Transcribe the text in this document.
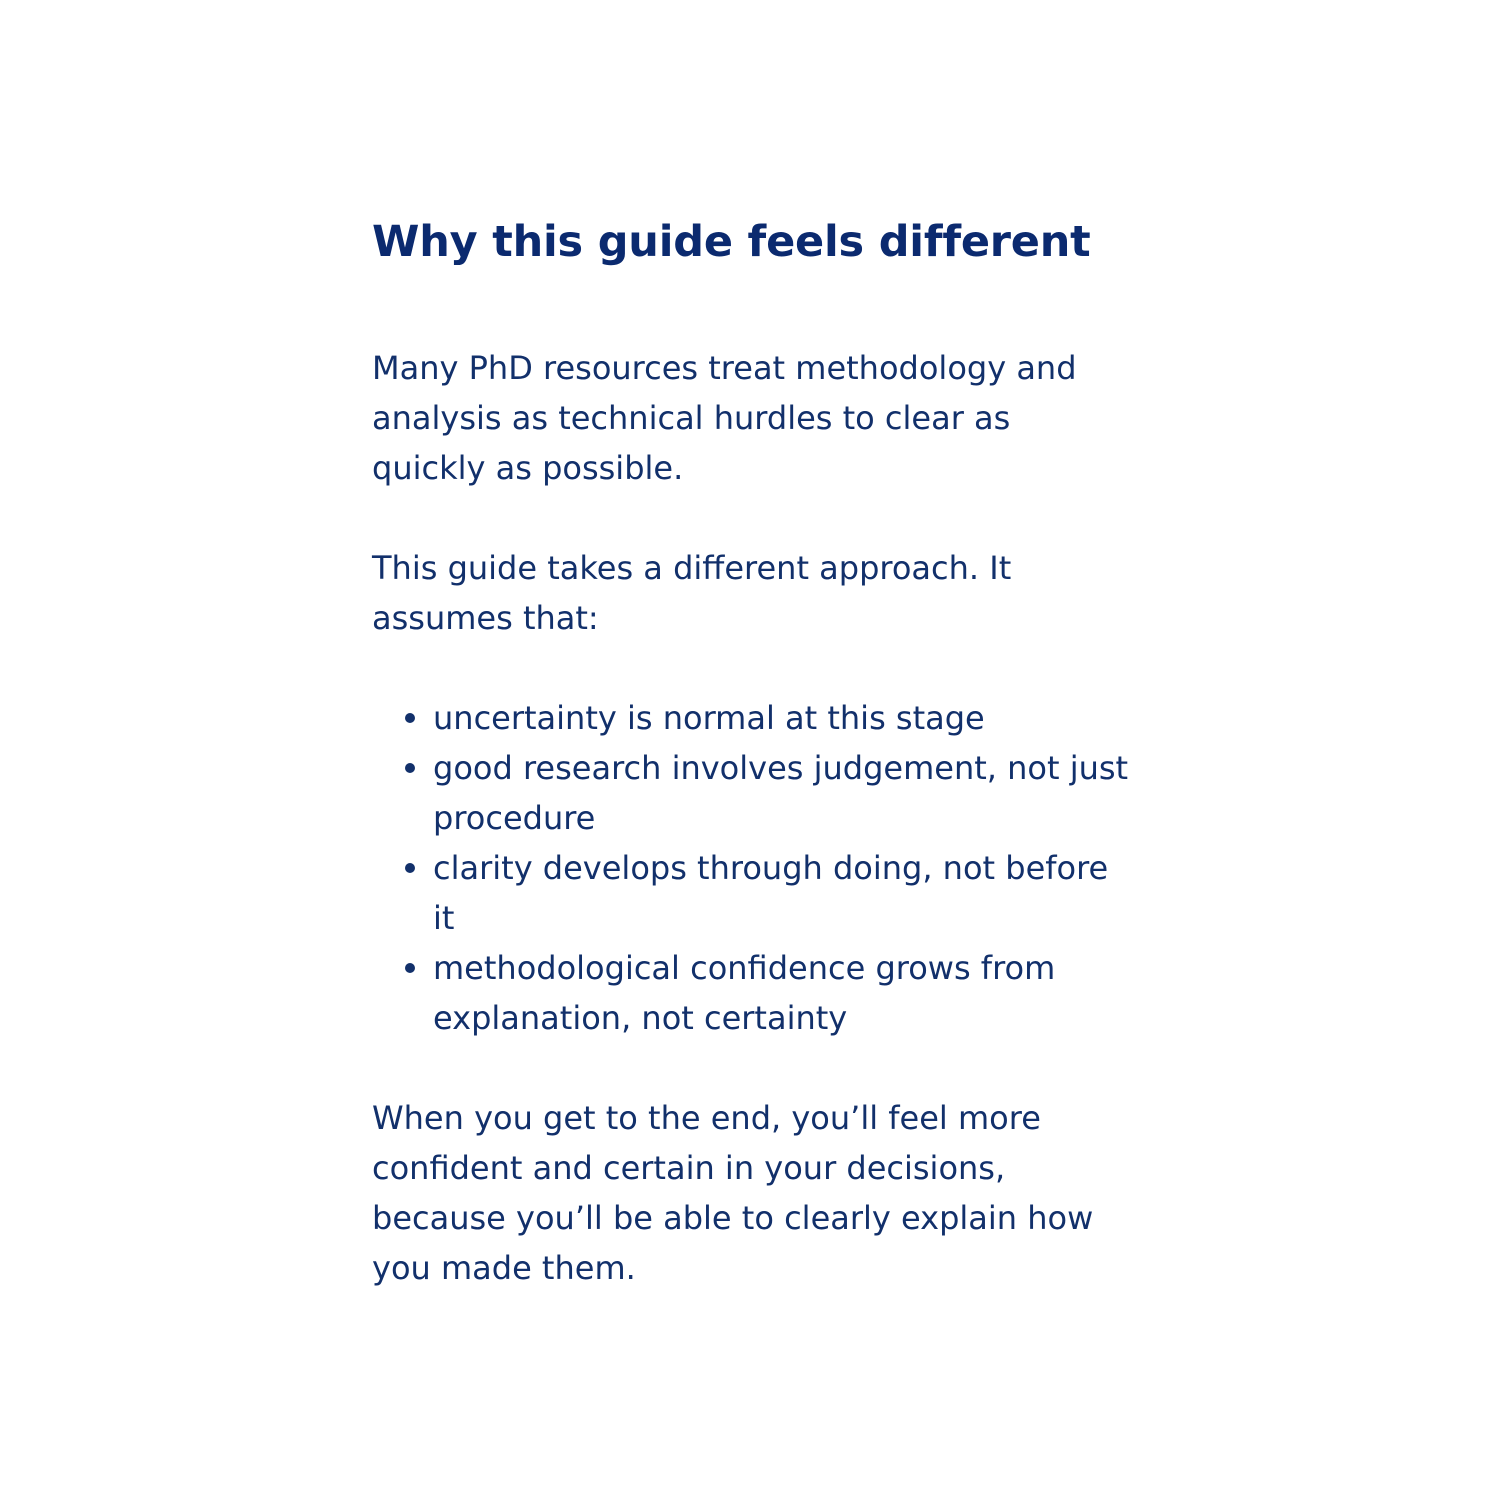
Why this guide feels different

Many PhD resources treat methodology and analysis as technical hurdles to clear as quickly as possible.

This guide takes a different approach. It assumes that:

uncertainty is normal at this stage
good research involves judgement, not just procedure
clarity develops through doing, not before it
methodological confidence grows from explanation, not certainty

When you get to the end, you’ll feel more confident and certain in your decisions, because you’ll be able to clearly explain how you made them.
